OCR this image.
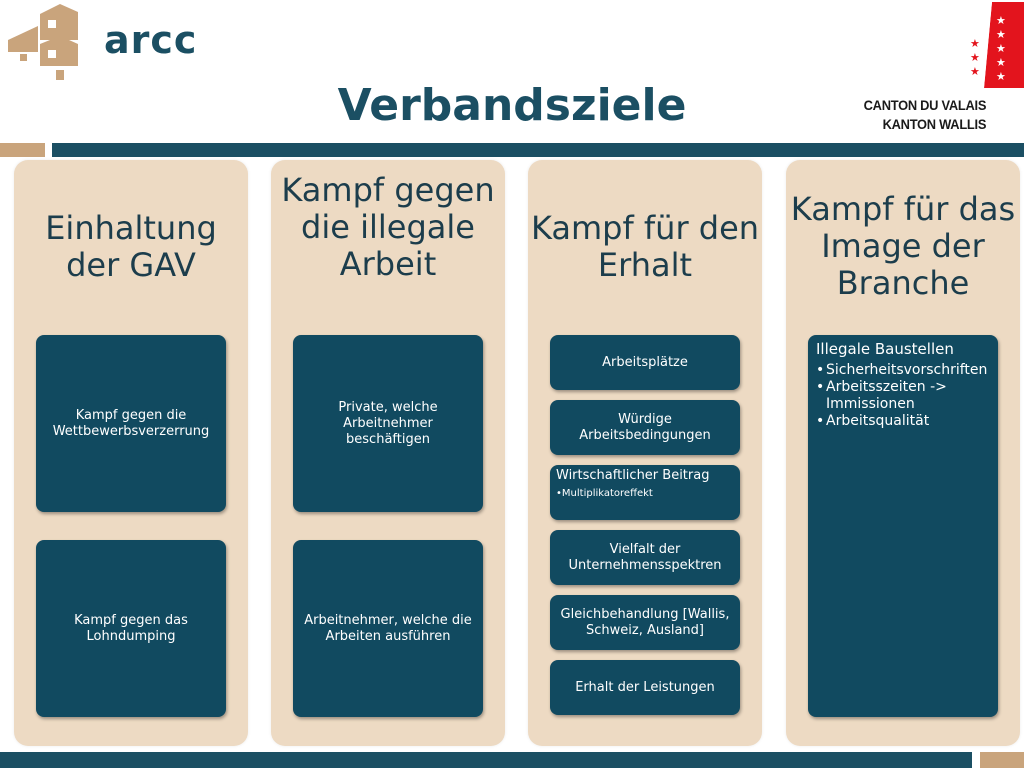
arcc
Verbandsziele
★
★
★
★
★
★
★
★
CANTON DU VALAIS
KANTON WALLIS
Einhaltung der GAV
Kampf gegen die Wettbewerbsverzerrung
Kampf gegen das Lohndumping
Kampf gegen die illegale Arbeit
Private, welche Arbeitnehmer beschäftigen
Arbeitnehmer, welche die Arbeiten ausführen
Kampf für den Erhalt
Arbeitsplätze
Würdige Arbeitsbedingungen
Wirtschaftlicher Beitrag
•Multiplikatoreffekt
Vielfalt der Unternehmensspektren
Gleichbehandlung [Wallis, Schweiz, Ausland]
Erhalt der Leistungen
Kampf für das Image der Branche
Illegale Baustellen
• Sicherheitsvorschriften
• Arbeitsszeiten -> Immissionen
• Arbeitsqualität
